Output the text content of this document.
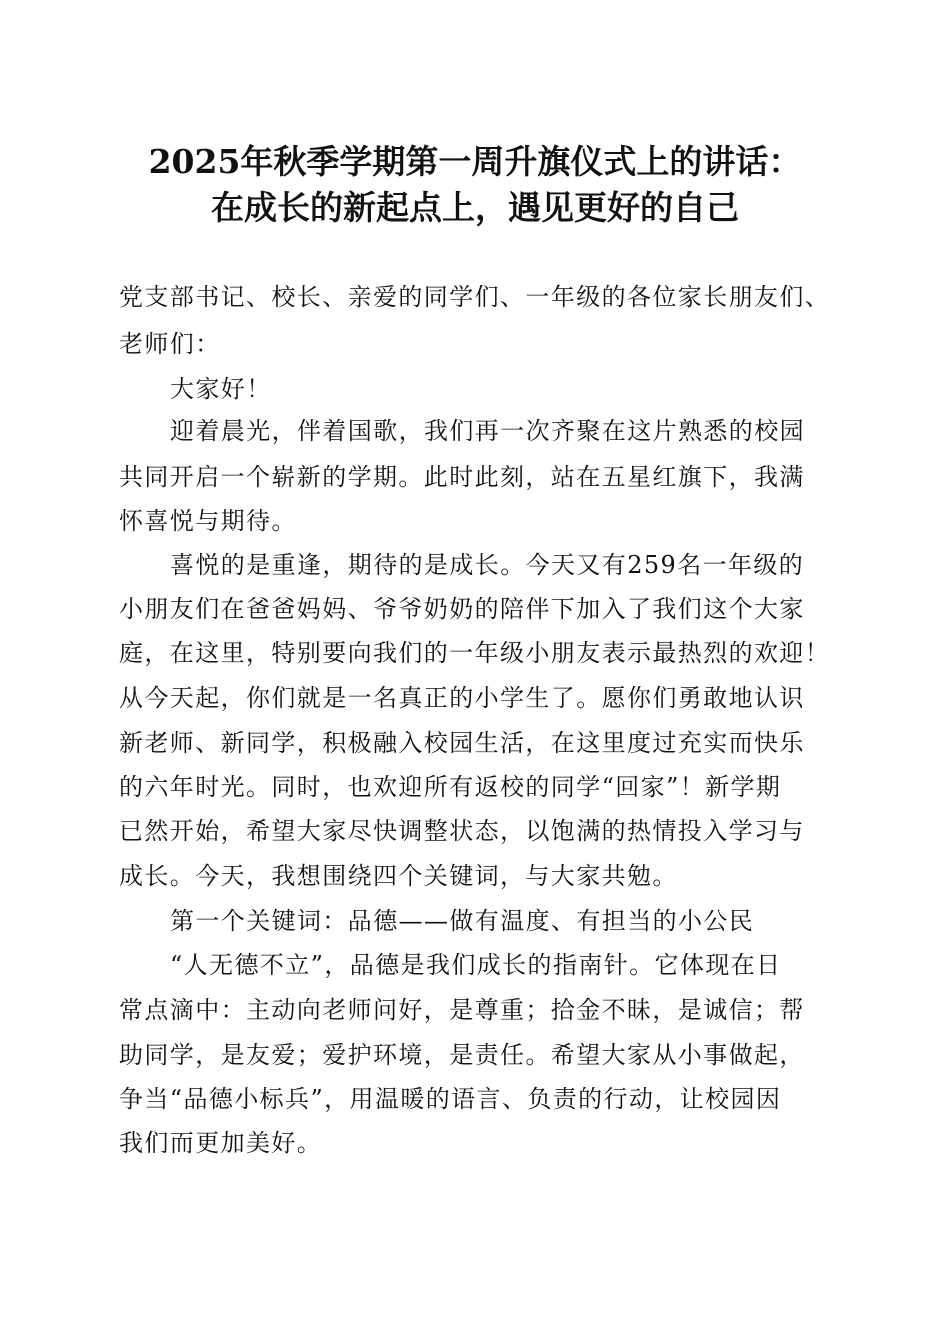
2025年秋季学期第一周升旗仪式上的讲话：
在成长的新起点上，遇见更好的自己
党支部书记、校长、亲爱的同学们、一年级的各位家长朋友们、
老师们：
大家好！
迎着晨光，伴着国歌，我们再一次齐聚在这片熟悉的校园
共同开启一个崭新的学期。此时此刻，站在五星红旗下，我满
怀喜悦与期待。
喜悦的是重逢，期待的是成长。今天又有259名一年级的
小朋友们在爸爸妈妈、爷爷奶奶的陪伴下加入了我们这个大家
庭，在这里，特别要向我们的一年级小朋友表示最热烈的欢迎！
从今天起，你们就是一名真正的小学生了。愿你们勇敢地认识
新老师、新同学，积极融入校园生活，在这里度过充实而快乐
的六年时光。同时，也欢迎所有返校的同学“回家”！新学期
已然开始，希望大家尽快调整状态，以饱满的热情投入学习与
成长。今天，我想围绕四个关键词，与大家共勉。
第一个关键词：品德——做有温度、有担当的小公民
“人无德不立”，品德是我们成长的指南针。它体现在日
常点滴中：主动向老师问好，是尊重；拾金不昧，是诚信；帮
助同学，是友爱；爱护环境，是责任。希望大家从小事做起，
争当“品德小标兵”，用温暖的语言、负责的行动，让校园因
我们而更加美好。
